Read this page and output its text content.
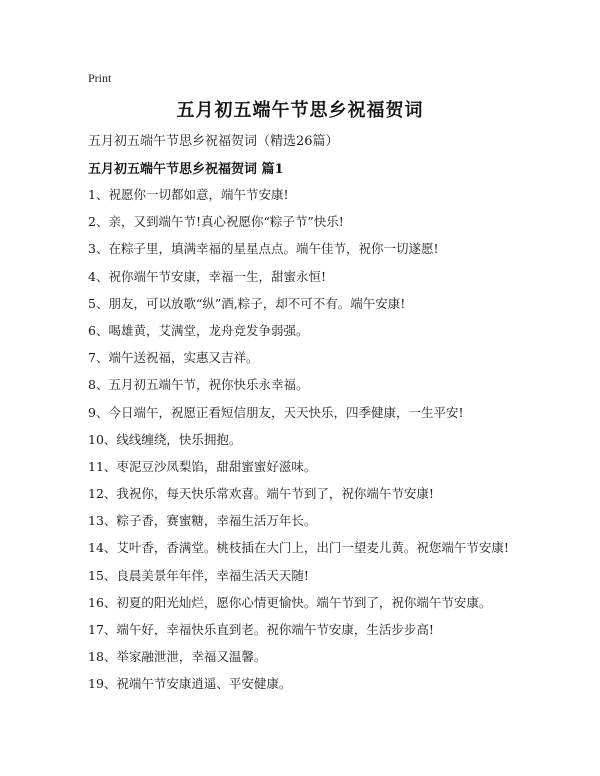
Print
五月初五端午节思乡祝福贺词
五月初五端午节思乡祝福贺词（精选26篇）
五月初五端午节思乡祝福贺词 篇1
1、祝愿你一切都如意，端午节安康!
2、亲，又到端午节!真心祝愿你“粽子节”快乐!
3、在粽子里，填满幸福的星星点点。端午佳节，祝你一切遂愿!
4、祝你端午节安康，幸福一生，甜蜜永恒!
5、朋友，可以放歌“纵”酒,粽子，却不可不有。端午安康!
6、喝雄黄，艾满堂，龙舟竞发争弱强。
7、端午送祝福，实惠又吉祥。
8、五月初五端午节，祝你快乐永幸福。
9、今日端午，祝愿正看短信朋友，天天快乐，四季健康，一生平安!
10、线线缠绕，快乐拥抱。
11、枣泥豆沙凤梨馅，甜甜蜜蜜好滋味。
12、我祝你，每天快乐常欢喜。端午节到了，祝你端午节安康!
13、粽子香，赛蜜糖，幸福生活万年长。
14、艾叶香，香满堂。桃枝插在大门上，出门一望麦儿黄。祝您端午节安康!
15、良晨美景年年伴，幸福生活天天随!
16、初夏的阳光灿烂，愿你心情更愉快。端午节到了，祝你端午节安康。
17、端午好，幸福快乐直到老。祝你端午节安康，生活步步高!
18、举家融泄泄，幸福又温馨。
19、祝端午节安康逍遥、平安健康。
